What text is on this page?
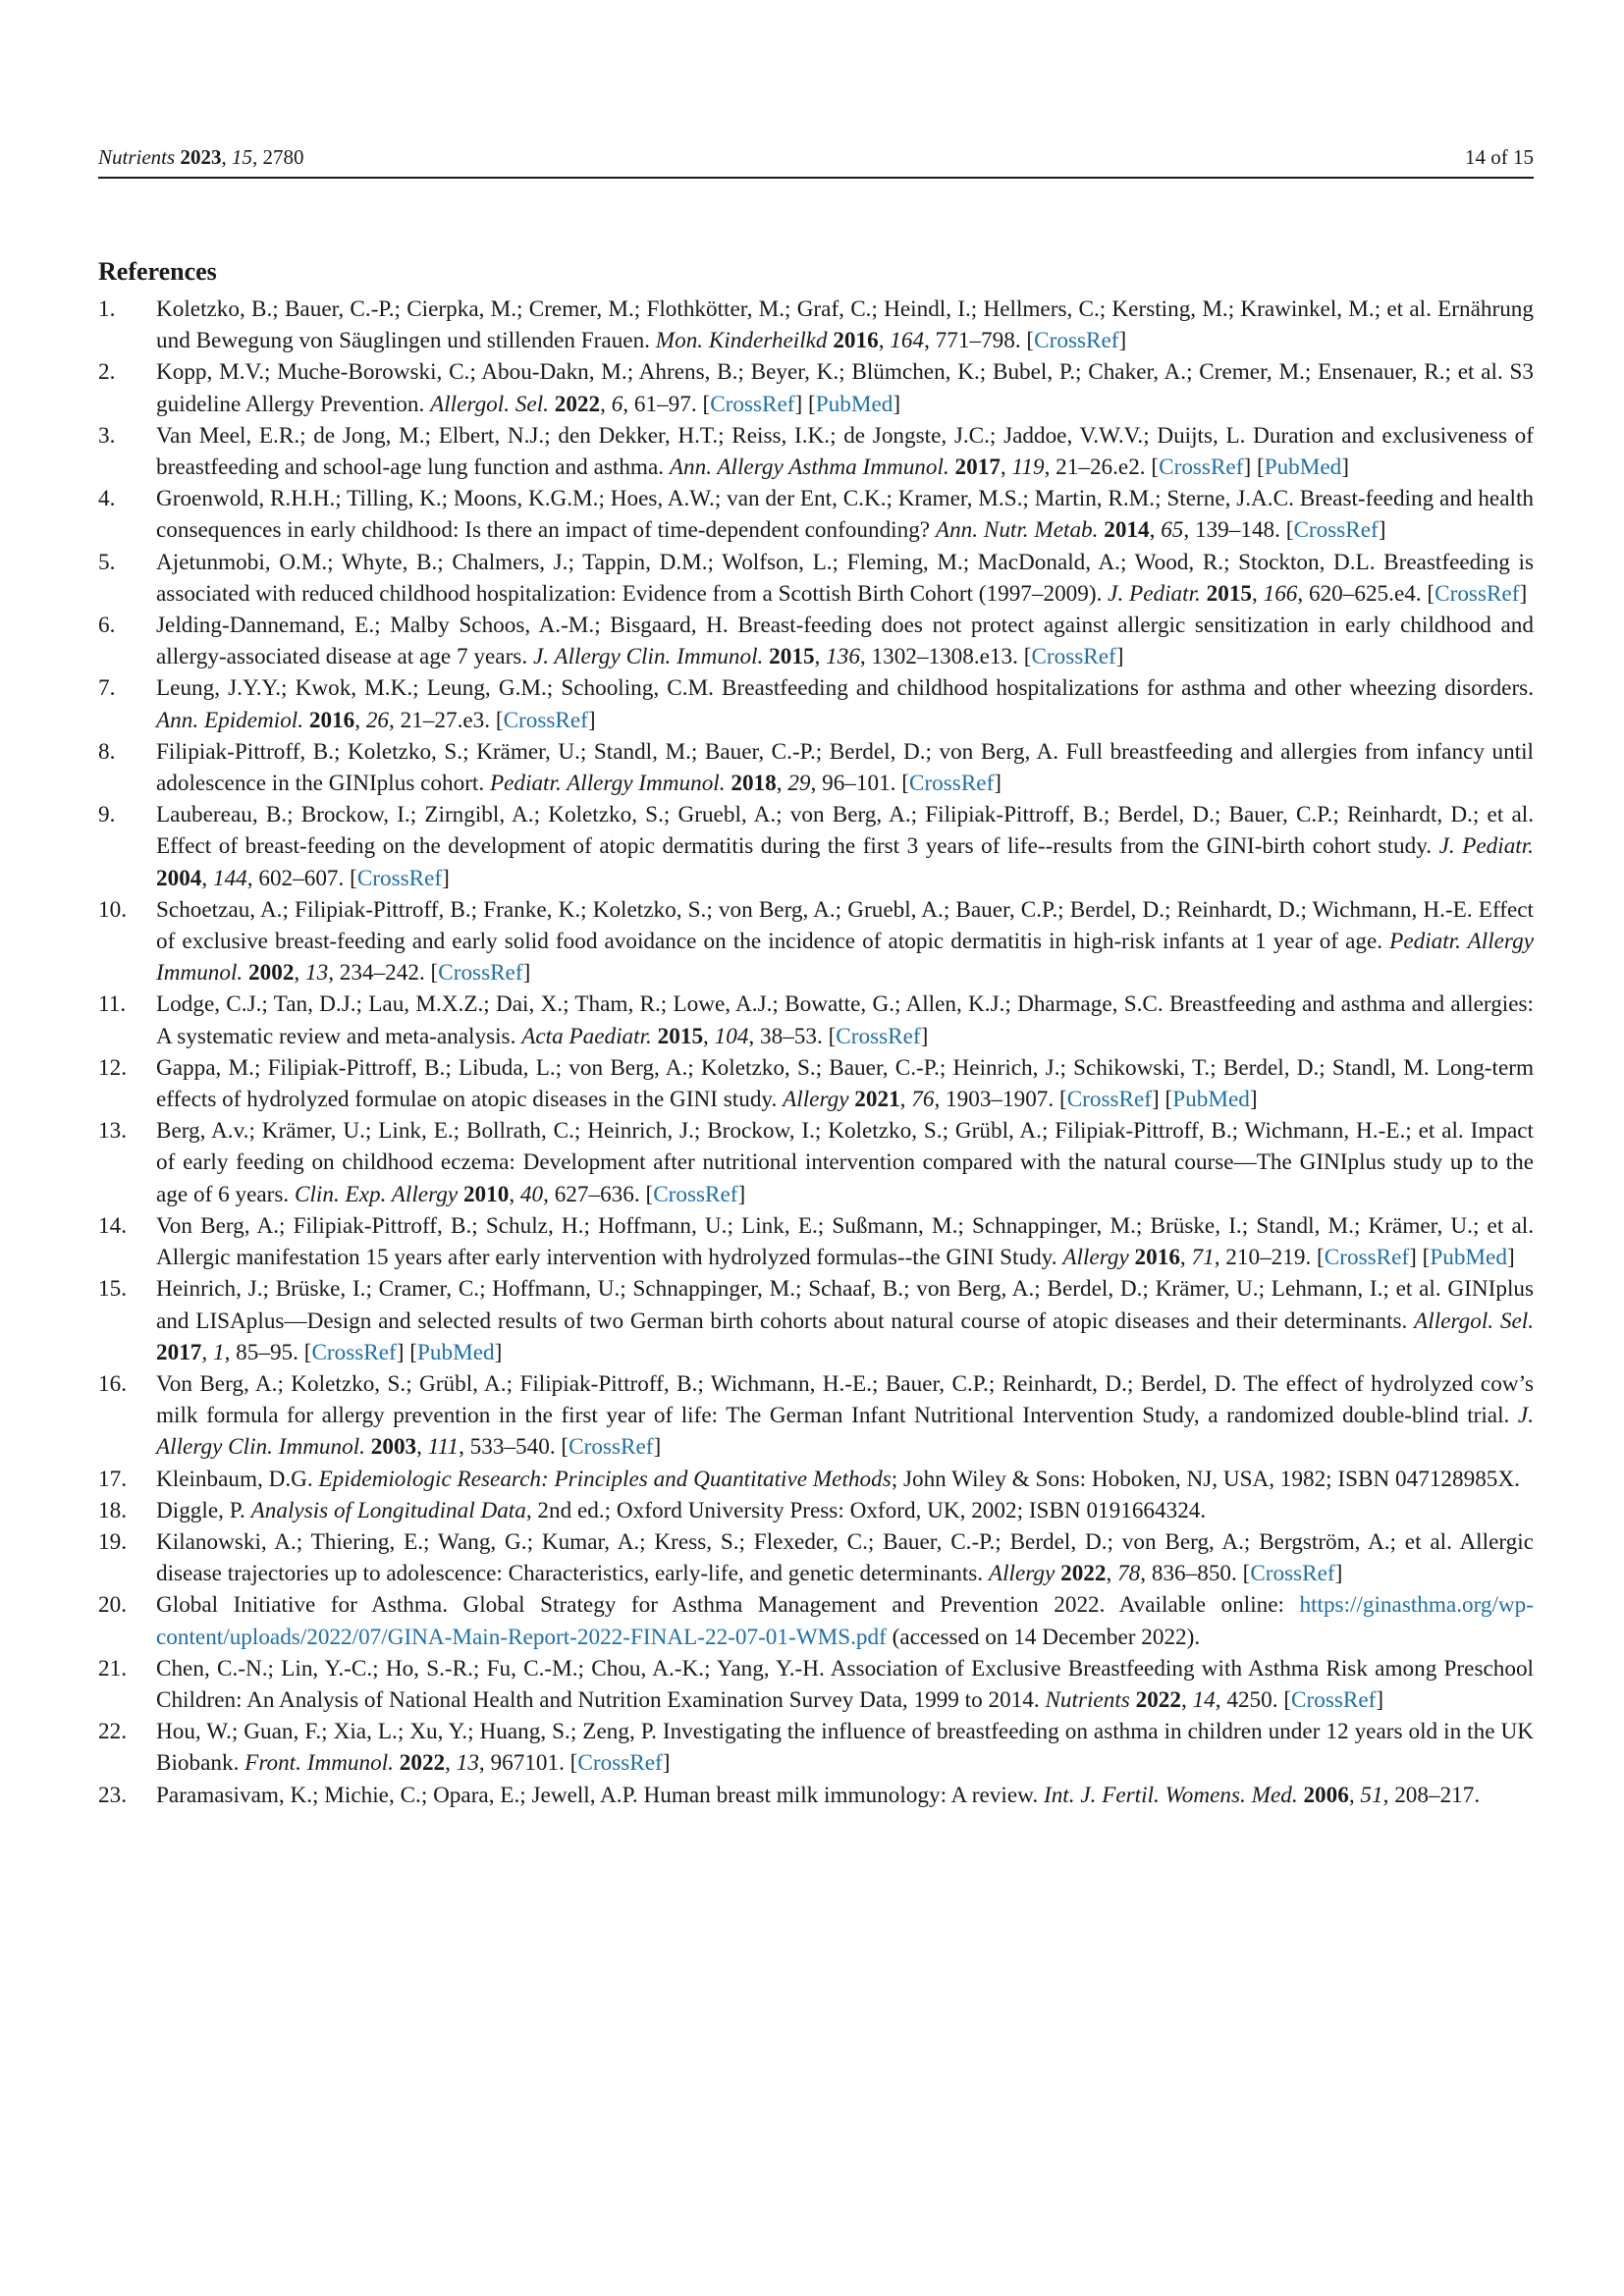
Nutrients 2023, 15, 2780	14 of 15
References
1. Koletzko, B.; Bauer, C.-P.; Cierpka, M.; Cremer, M.; Flothkötter, M.; Graf, C.; Heindl, I.; Hellmers, C.; Kersting, M.; Krawinkel, M.; et al. Ernährung und Bewegung von Säuglingen und stillenden Frauen. Mon. Kinderheilkd 2016, 164, 771–798. [CrossRef]
2. Kopp, M.V.; Muche-Borowski, C.; Abou-Dakn, M.; Ahrens, B.; Beyer, K.; Blümchen, K.; Bubel, P.; Chaker, A.; Cremer, M.; Ensenauer, R.; et al. S3 guideline Allergy Prevention. Allergol. Sel. 2022, 6, 61–97. [CrossRef] [PubMed]
3. Van Meel, E.R.; de Jong, M.; Elbert, N.J.; den Dekker, H.T.; Reiss, I.K.; de Jongste, J.C.; Jaddoe, V.W.V.; Duijts, L. Duration and exclusiveness of breastfeeding and school-age lung function and asthma. Ann. Allergy Asthma Immunol. 2017, 119, 21–26.e2. [CrossRef] [PubMed]
4. Groenwold, R.H.H.; Tilling, K.; Moons, K.G.M.; Hoes, A.W.; van der Ent, C.K.; Kramer, M.S.; Martin, R.M.; Sterne, J.A.C. Breast-feeding and health consequences in early childhood: Is there an impact of time-dependent confounding? Ann. Nutr. Metab. 2014, 65, 139–148. [CrossRef]
5. Ajetunmobi, O.M.; Whyte, B.; Chalmers, J.; Tappin, D.M.; Wolfson, L.; Fleming, M.; MacDonald, A.; Wood, R.; Stockton, D.L. Breastfeeding is associated with reduced childhood hospitalization: Evidence from a Scottish Birth Cohort (1997–2009). J. Pediatr. 2015, 166, 620–625.e4. [CrossRef]
6. Jelding-Dannemand, E.; Malby Schoos, A.-M.; Bisgaard, H. Breast-feeding does not protect against allergic sensitization in early childhood and allergy-associated disease at age 7 years. J. Allergy Clin. Immunol. 2015, 136, 1302–1308.e13. [CrossRef]
7. Leung, J.Y.Y.; Kwok, M.K.; Leung, G.M.; Schooling, C.M. Breastfeeding and childhood hospitalizations for asthma and other wheezing disorders. Ann. Epidemiol. 2016, 26, 21–27.e3. [CrossRef]
8. Filipiak-Pittroff, B.; Koletzko, S.; Krämer, U.; Standl, M.; Bauer, C.-P.; Berdel, D.; von Berg, A. Full breastfeeding and allergies from infancy until adolescence in the GINIplus cohort. Pediatr. Allergy Immunol. 2018, 29, 96–101. [CrossRef]
9. Laubereau, B.; Brockow, I.; Zirngibl, A.; Koletzko, S.; Gruebl, A.; von Berg, A.; Filipiak-Pittroff, B.; Berdel, D.; Bauer, C.P.; Reinhardt, D.; et al. Effect of breast-feeding on the development of atopic dermatitis during the first 3 years of life--results from the GINI-birth cohort study. J. Pediatr. 2004, 144, 602–607. [CrossRef]
10. Schoetzau, A.; Filipiak-Pittroff, B.; Franke, K.; Koletzko, S.; von Berg, A.; Gruebl, A.; Bauer, C.P.; Berdel, D.; Reinhardt, D.; Wichmann, H.-E. Effect of exclusive breast-feeding and early solid food avoidance on the incidence of atopic dermatitis in high-risk infants at 1 year of age. Pediatr. Allergy Immunol. 2002, 13, 234–242. [CrossRef]
11. Lodge, C.J.; Tan, D.J.; Lau, M.X.Z.; Dai, X.; Tham, R.; Lowe, A.J.; Bowatte, G.; Allen, K.J.; Dharmage, S.C. Breastfeeding and asthma and allergies: A systematic review and meta-analysis. Acta Paediatr. 2015, 104, 38–53. [CrossRef]
12. Gappa, M.; Filipiak-Pittroff, B.; Libuda, L.; von Berg, A.; Koletzko, S.; Bauer, C.-P.; Heinrich, J.; Schikowski, T.; Berdel, D.; Standl, M. Long-term effects of hydrolyzed formulae on atopic diseases in the GINI study. Allergy 2021, 76, 1903–1907. [CrossRef] [PubMed]
13. Berg, A.v.; Krämer, U.; Link, E.; Bollrath, C.; Heinrich, J.; Brockow, I.; Koletzko, S.; Grübl, A.; Filipiak-Pittroff, B.; Wichmann, H.-E.; et al. Impact of early feeding on childhood eczema: Development after nutritional intervention compared with the natural course—The GINIplus study up to the age of 6 years. Clin. Exp. Allergy 2010, 40, 627–636. [CrossRef]
14. Von Berg, A.; Filipiak-Pittroff, B.; Schulz, H.; Hoffmann, U.; Link, E.; Sußmann, M.; Schnappinger, M.; Brüske, I.; Standl, M.; Krämer, U.; et al. Allergic manifestation 15 years after early intervention with hydrolyzed formulas--the GINI Study. Allergy 2016, 71, 210–219. [CrossRef] [PubMed]
15. Heinrich, J.; Brüske, I.; Cramer, C.; Hoffmann, U.; Schnappinger, M.; Schaaf, B.; von Berg, A.; Berdel, D.; Krämer, U.; Lehmann, I.; et al. GINIplus and LISAplus—Design and selected results of two German birth cohorts about natural course of atopic diseases and their determinants. Allergol. Sel. 2017, 1, 85–95. [CrossRef] [PubMed]
16. Von Berg, A.; Koletzko, S.; Grübl, A.; Filipiak-Pittroff, B.; Wichmann, H.-E.; Bauer, C.P.; Reinhardt, D.; Berdel, D. The effect of hydrolyzed cow’s milk formula for allergy prevention in the first year of life: The German Infant Nutritional Intervention Study, a randomized double-blind trial. J. Allergy Clin. Immunol. 2003, 111, 533–540. [CrossRef]
17. Kleinbaum, D.G. Epidemiologic Research: Principles and Quantitative Methods; John Wiley & Sons: Hoboken, NJ, USA, 1982; ISBN 047128985X.
18. Diggle, P. Analysis of Longitudinal Data, 2nd ed.; Oxford University Press: Oxford, UK, 2002; ISBN 0191664324.
19. Kilanowski, A.; Thiering, E.; Wang, G.; Kumar, A.; Kress, S.; Flexeder, C.; Bauer, C.-P.; Berdel, D.; von Berg, A.; Bergström, A.; et al. Allergic disease trajectories up to adolescence: Characteristics, early-life, and genetic determinants. Allergy 2022, 78, 836–850. [CrossRef]
20. Global Initiative for Asthma. Global Strategy for Asthma Management and Prevention 2022. Available online: https://ginasthma.org/wp-content/uploads/2022/07/GINA-Main-Report-2022-FINAL-22-07-01-WMS.pdf (accessed on 14 December 2022).
21. Chen, C.-N.; Lin, Y.-C.; Ho, S.-R.; Fu, C.-M.; Chou, A.-K.; Yang, Y.-H. Association of Exclusive Breastfeeding with Asthma Risk among Preschool Children: An Analysis of National Health and Nutrition Examination Survey Data, 1999 to 2014. Nutrients 2022, 14, 4250. [CrossRef]
22. Hou, W.; Guan, F.; Xia, L.; Xu, Y.; Huang, S.; Zeng, P. Investigating the influence of breastfeeding on asthma in children under 12 years old in the UK Biobank. Front. Immunol. 2022, 13, 967101. [CrossRef]
23. Paramasivam, K.; Michie, C.; Opara, E.; Jewell, A.P. Human breast milk immunology: A review. Int. J. Fertil. Womens. Med. 2006, 51, 208–217.
